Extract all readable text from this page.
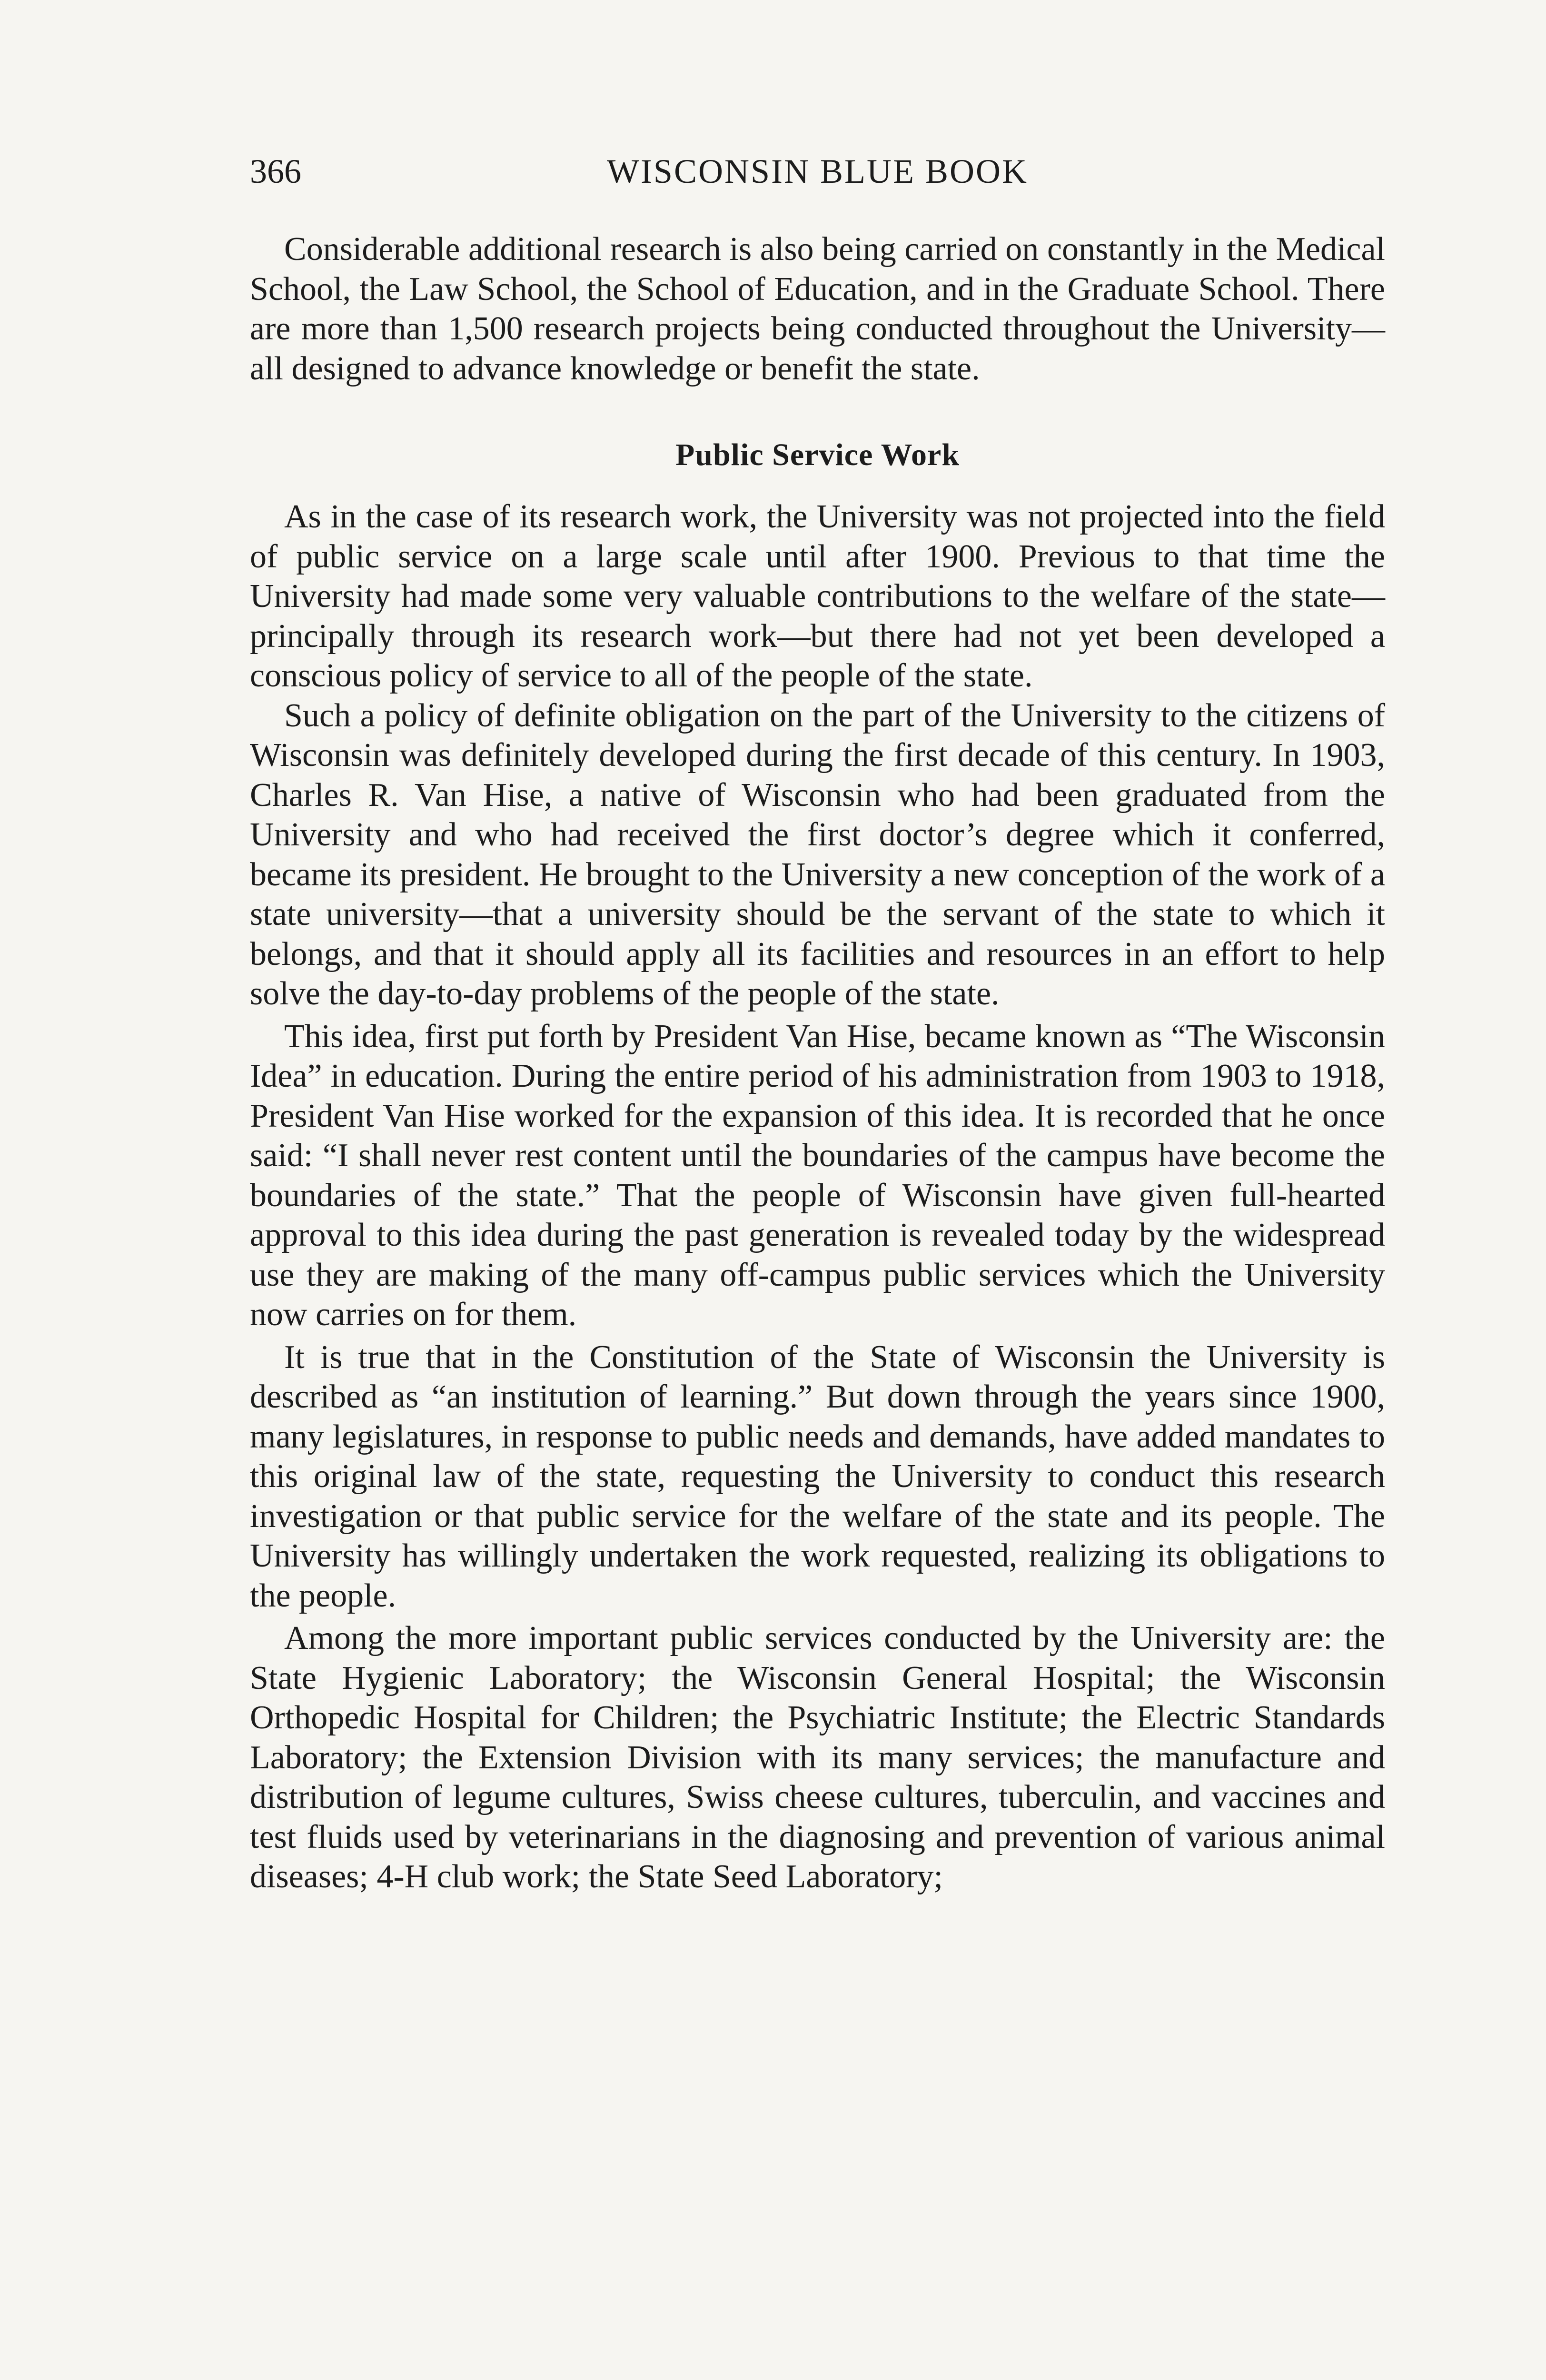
366	WISCONSIN BLUE BOOK

Considerable additional research is also being carried on constantly in the Medical School, the Law School, the School of Education, and in the Graduate School. There are more than 1,500 research projects being conducted throughout the University—all designed to advance knowledge or benefit the state.

Public Service Work

As in the case of its research work, the University was not projected into the field of public service on a large scale until after 1900. Previous to that time the University had made some very valuable contributions to the welfare of the state—principally through its research work—but there had not yet been developed a conscious policy of service to all of the people of the state.

Such a policy of definite obligation on the part of the University to the citizens of Wisconsin was definitely developed during the first decade of this century. In 1903, Charles R. Van Hise, a native of Wisconsin who had been graduated from the University and who had received the first doctor’s degree which it conferred, became its president. He brought to the University a new conception of the work of a state university—that a university should be the servant of the state to which it belongs, and that it should apply all its facilities and resources in an effort to help solve the day-to-day problems of the people of the state.

This idea, first put forth by President Van Hise, became known as “The Wisconsin Idea” in education. During the entire period of his administration from 1903 to 1918, President Van Hise worked for the expansion of this idea. It is recorded that he once said: “I shall never rest content until the boundaries of the campus have become the boundaries of the state.” That the people of Wisconsin have given full-hearted approval to this idea during the past generation is revealed today by the widespread use they are making of the many off-campus public services which the University now carries on for them.

It is true that in the Constitution of the State of Wisconsin the University is described as “an institution of learning.” But down through the years since 1900, many legislatures, in response to public needs and demands, have added mandates to this original law of the state, requesting the University to conduct this research investigation or that public service for the welfare of the state and its people. The University has willingly undertaken the work requested, realizing its obligations to the people.

Among the more important public services conducted by the University are: the State Hygienic Laboratory; the Wisconsin General Hospital; the Wisconsin Orthopedic Hospital for Children; the Psychiatric Institute; the Electric Standards Laboratory; the Extension Division with its many services; the manufacture and distribution of legume cultures, Swiss cheese cultures, tuberculin, and vaccines and test fluids used by veterinarians in the diagnosing and prevention of various animal diseases; 4-H club work; the State Seed Laboratory;
